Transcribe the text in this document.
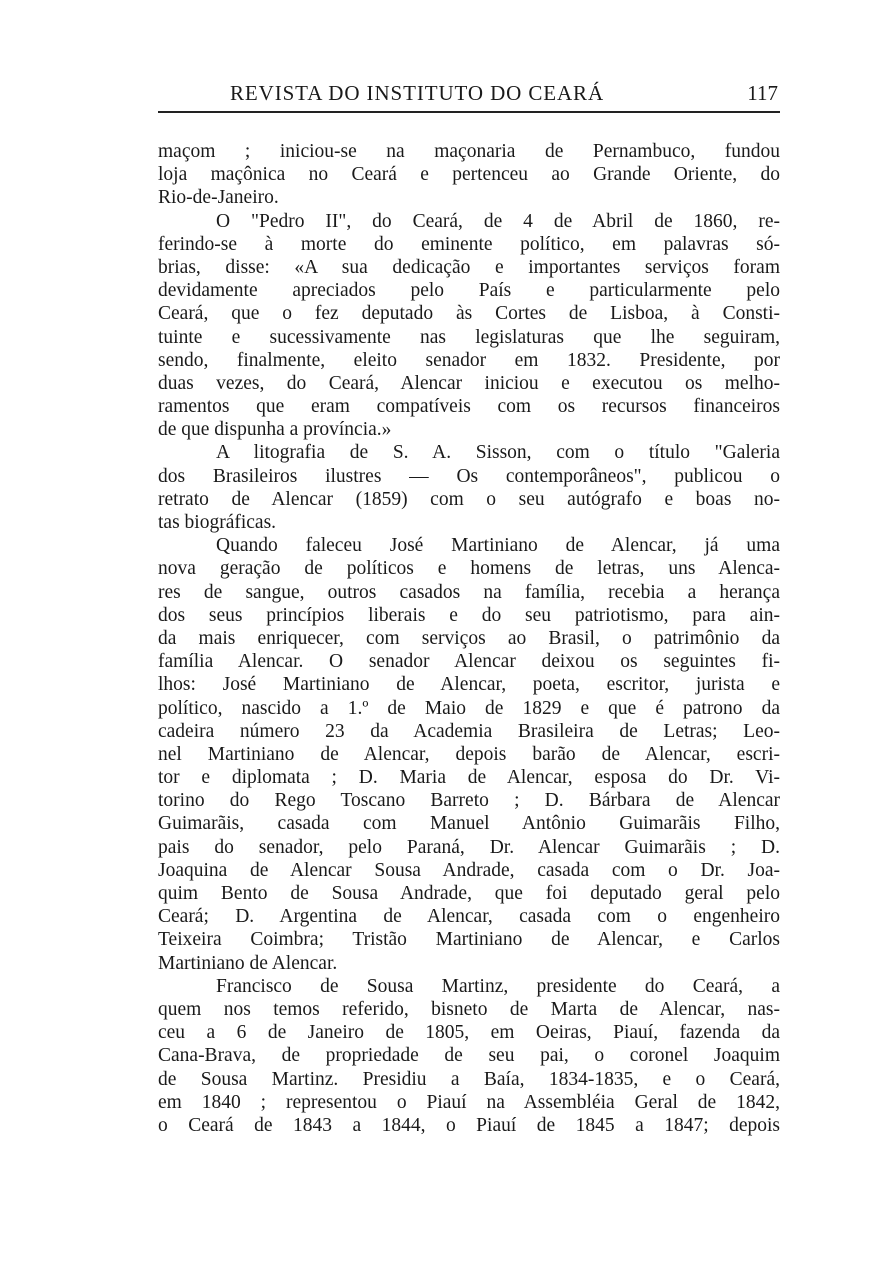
REVISTA DO INSTITUTO DO CEARÁ	117
maçom ; iniciou-se na maçonaria de Pernambuco, fundou
loja maçônica no Ceará e pertenceu ao Grande Oriente, do
Rio-de-Janeiro.
O "Pedro II", do Ceará, de 4 de Abril de 1860, re-
ferindo-se à morte do eminente político, em palavras só-
brias, disse: «A sua dedicação e importantes serviços foram
devidamente apreciados pelo País e particularmente pelo
Ceará, que o fez deputado às Cortes de Lisboa, à Consti-
tuinte e sucessivamente nas legislaturas que lhe seguiram,
sendo, finalmente, eleito senador em 1832. Presidente, por
duas vezes, do Ceará, Alencar iniciou e executou os melho-
ramentos que eram compatíveis com os recursos financeiros
de que dispunha a província.»
A litografia de S. A. Sisson, com o título "Galeria
dos Brasileiros ilustres — Os contemporâneos", publicou o
retrato de Alencar (1859) com o seu autógrafo e boas no-
tas biográficas.
Quando faleceu José Martiniano de Alencar, já uma
nova geração de políticos e homens de letras, uns Alenca-
res de sangue, outros casados na família, recebia a herança
dos seus princípios liberais e do seu patriotismo, para ain-
da mais enriquecer, com serviços ao Brasil, o patrimônio da
família Alencar. O senador Alencar deixou os seguintes fi-
lhos: José Martiniano de Alencar, poeta, escritor, jurista e
político, nascido a 1.º de Maio de 1829 e que é patrono da
cadeira número 23 da Academia Brasileira de Letras; Leo-
nel Martiniano de Alencar, depois barão de Alencar, escri-
tor e diplomata ; D. Maria de Alencar, esposa do Dr. Vi-
torino do Rego Toscano Barreto ; D. Bárbara de Alencar
Guimarãis, casada com Manuel Antônio Guimarãis Filho,
pais do senador, pelo Paraná, Dr. Alencar Guimarãis ; D.
Joaquina de Alencar Sousa Andrade, casada com o Dr. Joa-
quim Bento de Sousa Andrade, que foi deputado geral pelo
Ceará; D. Argentina de Alencar, casada com o engenheiro
Teixeira Coimbra; Tristão Martiniano de Alencar, e Carlos
Martiniano de Alencar.
Francisco de Sousa Martinz, presidente do Ceará, a
quem nos temos referido, bisneto de Marta de Alencar, nas-
ceu a 6 de Janeiro de 1805, em Oeiras, Piauí, fazenda da
Cana-Brava, de propriedade de seu pai, o coronel Joaquim
de Sousa Martinz. Presidiu a Baía, 1834-1835, e o Ceará,
em 1840 ; representou o Piauí na Assembléia Geral de 1842,
o Ceará de 1843 a 1844, o Piauí de 1845 a 1847; depois
